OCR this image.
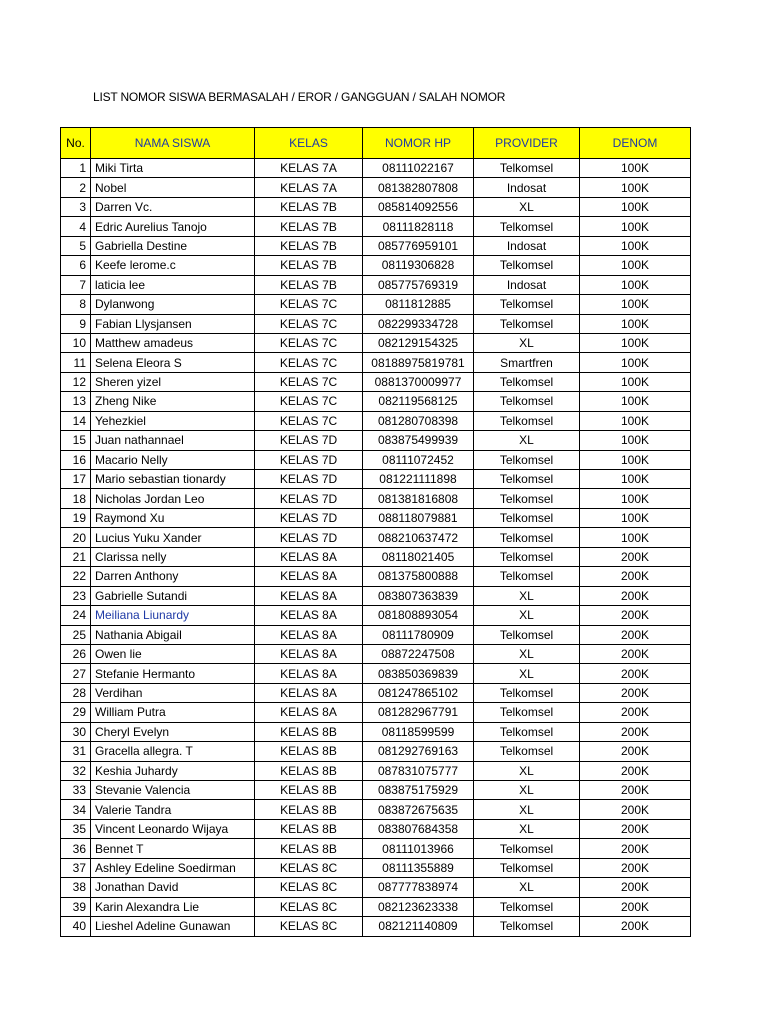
LIST NOMOR SISWA BERMASALAH / EROR / GANGGUAN / SALAH NOMOR
No.	NAMA SISWA	KELAS	NOMOR HP	PROVIDER	DENOM
1	Miki Tirta	KELAS 7A	08111022167	Telkomsel	100K
2	Nobel	KELAS 7A	081382807808	Indosat	100K
3	Darren Vc.	KELAS 7B	085814092556	XL	100K
4	Edric Aurelius Tanojo	KELAS 7B	08111828118	Telkomsel	100K
5	Gabriella Destine	KELAS 7B	085776959101	Indosat	100K
6	Keefe lerome.c	KELAS 7B	08119306828	Telkomsel	100K
7	laticia lee	KELAS 7B	085775769319	Indosat	100K
8	Dylanwong	KELAS 7C	0811812885	Telkomsel	100K
9	Fabian Llysjansen	KELAS 7C	082299334728	Telkomsel	100K
10	Matthew amadeus	KELAS 7C	082129154325	XL	100K
11	Selena Eleora S	KELAS 7C	08188975819781	Smartfren	100K
12	Sheren yizel	KELAS 7C	0881370009977	Telkomsel	100K
13	Zheng Nike	KELAS 7C	082119568125	Telkomsel	100K
14	Yehezkiel	KELAS 7C	081280708398	Telkomsel	100K
15	Juan nathannael	KELAS 7D	083875499939	XL	100K
16	Macario Nelly	KELAS 7D	08111072452	Telkomsel	100K
17	Mario sebastian tionardy	KELAS 7D	081221111898	Telkomsel	100K
18	Nicholas Jordan Leo	KELAS 7D	081381816808	Telkomsel	100K
19	Raymond Xu	KELAS 7D	088118079881	Telkomsel	100K
20	Lucius Yuku Xander	KELAS 7D	088210637472	Telkomsel	100K
21	Clarissa nelly	KELAS 8A	08118021405	Telkomsel	200K
22	Darren Anthony	KELAS 8A	081375800888	Telkomsel	200K
23	Gabrielle Sutandi	KELAS 8A	083807363839	XL	200K
24	Meiliana Liunardy	KELAS 8A	081808893054	XL	200K
25	Nathania Abigail	KELAS 8A	08111780909	Telkomsel	200K
26	Owen lie	KELAS 8A	08872247508	XL	200K
27	Stefanie Hermanto	KELAS 8A	083850369839	XL	200K
28	Verdihan	KELAS 8A	081247865102	Telkomsel	200K
29	William Putra	KELAS 8A	081282967791	Telkomsel	200K
30	Cheryl Evelyn	KELAS 8B	08118599599	Telkomsel	200K
31	Gracella allegra. T	KELAS 8B	081292769163	Telkomsel	200K
32	Keshia Juhardy	KELAS 8B	087831075777	XL	200K
33	Stevanie Valencia	KELAS 8B	083875175929	XL	200K
34	Valerie Tandra	KELAS 8B	083872675635	XL	200K
35	Vincent Leonardo Wijaya	KELAS 8B	083807684358	XL	200K
36	Bennet T	KELAS 8B	08111013966	Telkomsel	200K
37	Ashley Edeline Soedirman	KELAS 8C	08111355889	Telkomsel	200K
38	Jonathan David	KELAS 8C	087777838974	XL	200K
39	Karin Alexandra Lie	KELAS 8C	082123623338	Telkomsel	200K
40	Lieshel Adeline Gunawan	KELAS 8C	082121140809	Telkomsel	200K
